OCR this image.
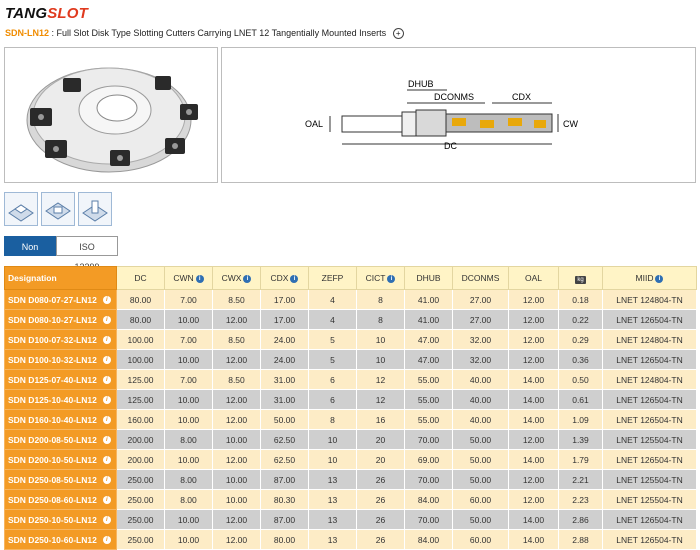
TANGSLOT
SDN-LN12 : Full Slot Disk Type Slotting Cutters Carrying LNET 12 Tangentially Mounted Inserts +
OAL
DHUB
DCONMS	CDX
CW
DC
Non	ISO
Designation	DC	CWN i	CWX i	CDX i	ZEFP	CICT i	DHUB	DCONMS	OAL	kg	MIID i
SDN D080-07-27-LN12 i	80.00	7.00	8.50	17.00	4	8	41.00	27.00	12.00	0.18	LNET 124804-TN
SDN D080-10-27-LN12 i	80.00	10.00	12.00	17.00	4	8	41.00	27.00	12.00	0.22	LNET 126504-TN
SDN D100-07-32-LN12 i	100.00	7.00	8.50	24.00	5	10	47.00	32.00	12.00	0.29	LNET 124804-TN
SDN D100-10-32-LN12 i	100.00	10.00	12.00	24.00	5	10	47.00	32.00	12.00	0.36	LNET 126504-TN
SDN D125-07-40-LN12 i	125.00	7.00	8.50	31.00	6	12	55.00	40.00	14.00	0.50	LNET 124804-TN
SDN D125-10-40-LN12 i	125.00	10.00	12.00	31.00	6	12	55.00	40.00	14.00	0.61	LNET 126504-TN
SDN D160-10-40-LN12 i	160.00	10.00	12.00	50.00	8	16	55.00	40.00	14.00	1.09	LNET 126504-TN
SDN D200-08-50-LN12 i	200.00	8.00	10.00	62.50	10	20	70.00	50.00	12.00	1.39	LNET 125504-TN
SDN D200-10-50-LN12 i	200.00	10.00	12.00	62.50	10	20	69.00	50.00	14.00	1.79	LNET 126504-TN
SDN D250-08-50-LN12 i	250.00	8.00	10.00	87.00	13	26	70.00	50.00	12.00	2.21	LNET 125504-TN
SDN D250-08-60-LN12 i	250.00	8.00	10.00	80.30	13	26	84.00	60.00	12.00	2.23	LNET 125504-TN
SDN D250-10-50-LN12 i	250.00	10.00	12.00	87.00	13	26	70.00	50.00	14.00	2.86	LNET 126504-TN
SDN D250-10-60-LN12 i	250.00	10.00	12.00	80.00	13	26	84.00	60.00	14.00	2.88	LNET 126504-TN
